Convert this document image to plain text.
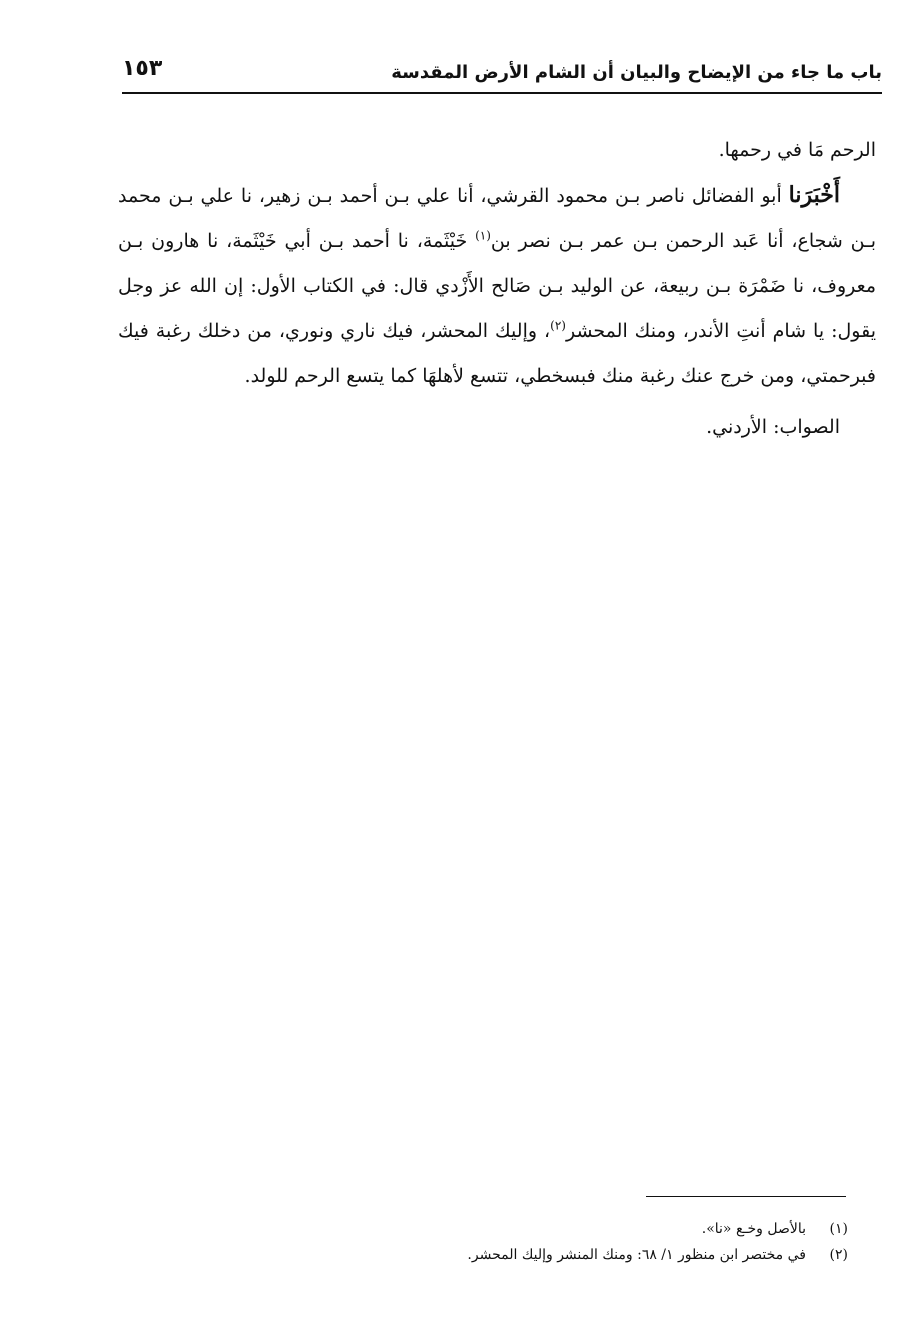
باب ما جاء من الإيضاح والبيان أن الشام الأرض المقدسة
١٥٣

الرحم مَا في رحمها.

أَخْبَرَنا أبو الفضائل ناصر بـن محمود القرشي، أنا علي بـن أحمد بـن زهير، نا علي بـن محمد بـن شجاع، أنا عَبد الرحمن بـن عمر بـن نصر بن$^{(١)}$ خَيْثَمة، نا أحمد بـن أبي خَيْثَمة، نا هارون بـن معروف، نا ضَمْرَة بـن ربيعة، عن الوليد بـن صَالح الأَزْدي قال: في الكتاب الأول: إن الله عز وجل يقول: يا شام أنتِ الأندر، ومنك المحشر$^{(٢)}$، وإليك المحشر، فيك ناري ونوري، من دخلك رغبة فيك فبرحمتي، ومن خرج عنك رغبة منك فبسخطي، تتسع لأهلهَا كما يتسع الرحم للولد.

الصواب: الأردني.

(١)
بالأصل وخـع «نا».
(٢)
في مختصر ابن منظور ١/ ٦٨: ومنك المنشر وإليك المحشر.
